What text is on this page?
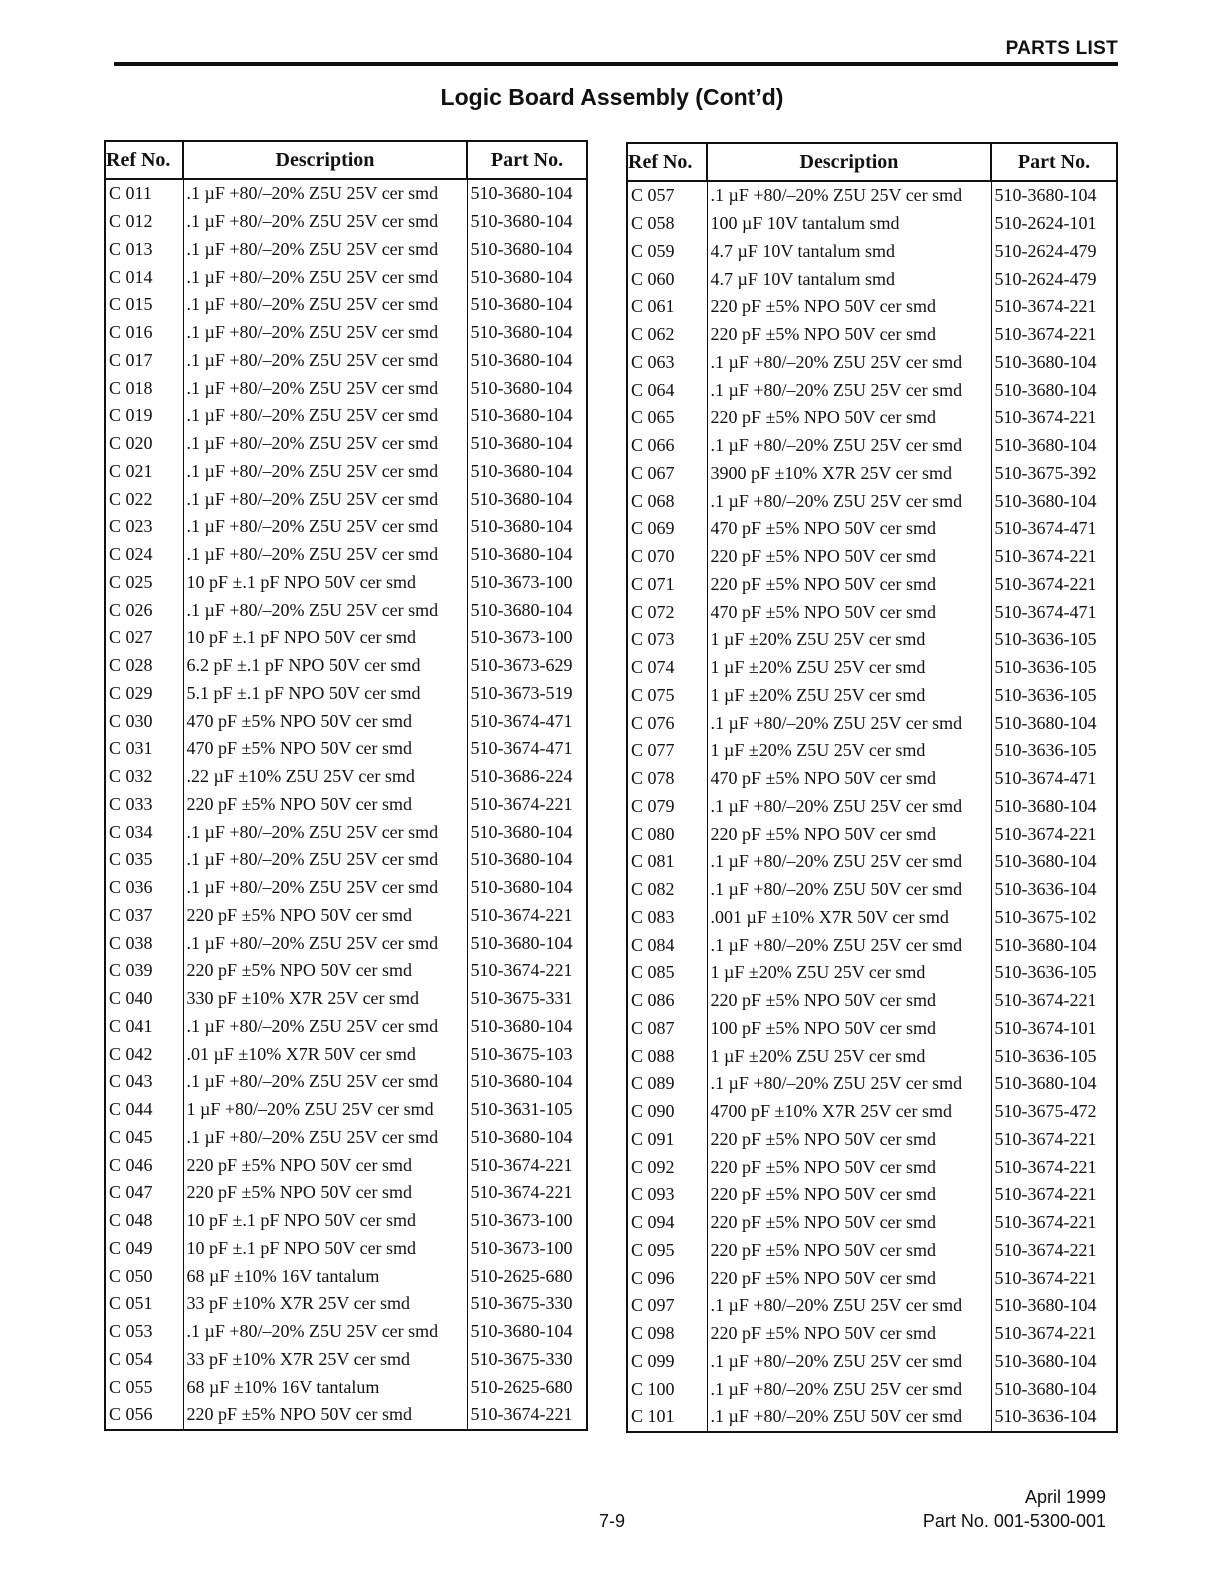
PARTS LIST
Logic Board Assembly (Cont’d)
Ref No.	Description	Part No.
C 011	.1 µF +80/–20% Z5U 25V cer smd	510-3680-104
C 012	.1 µF +80/–20% Z5U 25V cer smd	510-3680-104
C 013	.1 µF +80/–20% Z5U 25V cer smd	510-3680-104
C 014	.1 µF +80/–20% Z5U 25V cer smd	510-3680-104
C 015	.1 µF +80/–20% Z5U 25V cer smd	510-3680-104
C 016	.1 µF +80/–20% Z5U 25V cer smd	510-3680-104
C 017	.1 µF +80/–20% Z5U 25V cer smd	510-3680-104
C 018	.1 µF +80/–20% Z5U 25V cer smd	510-3680-104
C 019	.1 µF +80/–20% Z5U 25V cer smd	510-3680-104
C 020	.1 µF +80/–20% Z5U 25V cer smd	510-3680-104
C 021	.1 µF +80/–20% Z5U 25V cer smd	510-3680-104
C 022	.1 µF +80/–20% Z5U 25V cer smd	510-3680-104
C 023	.1 µF +80/–20% Z5U 25V cer smd	510-3680-104
C 024	.1 µF +80/–20% Z5U 25V cer smd	510-3680-104
C 025	10 pF ±.1 pF NPO 50V cer smd	510-3673-100
C 026	.1 µF +80/–20% Z5U 25V cer smd	510-3680-104
C 027	10 pF ±.1 pF NPO 50V cer smd	510-3673-100
C 028	6.2 pF ±.1 pF NPO 50V cer smd	510-3673-629
C 029	5.1 pF ±.1 pF NPO 50V cer smd	510-3673-519
C 030	470 pF ±5% NPO 50V cer smd	510-3674-471
C 031	470 pF ±5% NPO 50V cer smd	510-3674-471
C 032	.22 µF ±10% Z5U 25V cer smd	510-3686-224
C 033	220 pF ±5% NPO 50V cer smd	510-3674-221
C 034	.1 µF +80/–20% Z5U 25V cer smd	510-3680-104
C 035	.1 µF +80/–20% Z5U 25V cer smd	510-3680-104
C 036	.1 µF +80/–20% Z5U 25V cer smd	510-3680-104
C 037	220 pF ±5% NPO 50V cer smd	510-3674-221
C 038	.1 µF +80/–20% Z5U 25V cer smd	510-3680-104
C 039	220 pF ±5% NPO 50V cer smd	510-3674-221
C 040	330 pF ±10% X7R 25V cer smd	510-3675-331
C 041	.1 µF +80/–20% Z5U 25V cer smd	510-3680-104
C 042	.01 µF ±10% X7R 50V cer smd	510-3675-103
C 043	.1 µF +80/–20% Z5U 25V cer smd	510-3680-104
C 044	1 µF +80/–20% Z5U 25V cer smd	510-3631-105
C 045	.1 µF +80/–20% Z5U 25V cer smd	510-3680-104
C 046	220 pF ±5% NPO 50V cer smd	510-3674-221
C 047	220 pF ±5% NPO 50V cer smd	510-3674-221
C 048	10 pF ±.1 pF NPO 50V cer smd	510-3673-100
C 049	10 pF ±.1 pF NPO 50V cer smd	510-3673-100
C 050	68 µF ±10% 16V tantalum	510-2625-680
C 051	33 pF ±10% X7R 25V cer smd	510-3675-330
C 053	.1 µF +80/–20% Z5U 25V cer smd	510-3680-104
C 054	33 pF ±10% X7R 25V cer smd	510-3675-330
C 055	68 µF ±10% 16V tantalum	510-2625-680
C 056	220 pF ±5% NPO 50V cer smd	510-3674-221
Ref No.	Description	Part No.
C 057	.1 µF +80/–20% Z5U 25V cer smd	510-3680-104
C 058	100 µF 10V tantalum smd	510-2624-101
C 059	4.7 µF 10V tantalum smd	510-2624-479
C 060	4.7 µF 10V tantalum smd	510-2624-479
C 061	220 pF ±5% NPO 50V cer smd	510-3674-221
C 062	220 pF ±5% NPO 50V cer smd	510-3674-221
C 063	.1 µF +80/–20% Z5U 25V cer smd	510-3680-104
C 064	.1 µF +80/–20% Z5U 25V cer smd	510-3680-104
C 065	220 pF ±5% NPO 50V cer smd	510-3674-221
C 066	.1 µF +80/–20% Z5U 25V cer smd	510-3680-104
C 067	3900 pF ±10% X7R 25V cer smd	510-3675-392
C 068	.1 µF +80/–20% Z5U 25V cer smd	510-3680-104
C 069	470 pF ±5% NPO 50V cer smd	510-3674-471
C 070	220 pF ±5% NPO 50V cer smd	510-3674-221
C 071	220 pF ±5% NPO 50V cer smd	510-3674-221
C 072	470 pF ±5% NPO 50V cer smd	510-3674-471
C 073	1 µF ±20% Z5U 25V cer smd	510-3636-105
C 074	1 µF ±20% Z5U 25V cer smd	510-3636-105
C 075	1 µF ±20% Z5U 25V cer smd	510-3636-105
C 076	.1 µF +80/–20% Z5U 25V cer smd	510-3680-104
C 077	1 µF ±20% Z5U 25V cer smd	510-3636-105
C 078	470 pF ±5% NPO 50V cer smd	510-3674-471
C 079	.1 µF +80/–20% Z5U 25V cer smd	510-3680-104
C 080	220 pF ±5% NPO 50V cer smd	510-3674-221
C 081	.1 µF +80/–20% Z5U 25V cer smd	510-3680-104
C 082	.1 µF +80/–20% Z5U 50V cer smd	510-3636-104
C 083	.001 µF ±10% X7R 50V cer smd	510-3675-102
C 084	.1 µF +80/–20% Z5U 25V cer smd	510-3680-104
C 085	1 µF ±20% Z5U 25V cer smd	510-3636-105
C 086	220 pF ±5% NPO 50V cer smd	510-3674-221
C 087	100 pF ±5% NPO 50V cer smd	510-3674-101
C 088	1 µF ±20% Z5U 25V cer smd	510-3636-105
C 089	.1 µF +80/–20% Z5U 25V cer smd	510-3680-104
C 090	4700 pF ±10% X7R 25V cer smd	510-3675-472
C 091	220 pF ±5% NPO 50V cer smd	510-3674-221
C 092	220 pF ±5% NPO 50V cer smd	510-3674-221
C 093	220 pF ±5% NPO 50V cer smd	510-3674-221
C 094	220 pF ±5% NPO 50V cer smd	510-3674-221
C 095	220 pF ±5% NPO 50V cer smd	510-3674-221
C 096	220 pF ±5% NPO 50V cer smd	510-3674-221
C 097	.1 µF +80/–20% Z5U 25V cer smd	510-3680-104
C 098	220 pF ±5% NPO 50V cer smd	510-3674-221
C 099	.1 µF +80/–20% Z5U 25V cer smd	510-3680-104
C 100	.1 µF +80/–20% Z5U 25V cer smd	510-3680-104
C 101	.1 µF +80/–20% Z5U 50V cer smd	510-3636-104
April 1999
7-9	Part No. 001-5300-001
